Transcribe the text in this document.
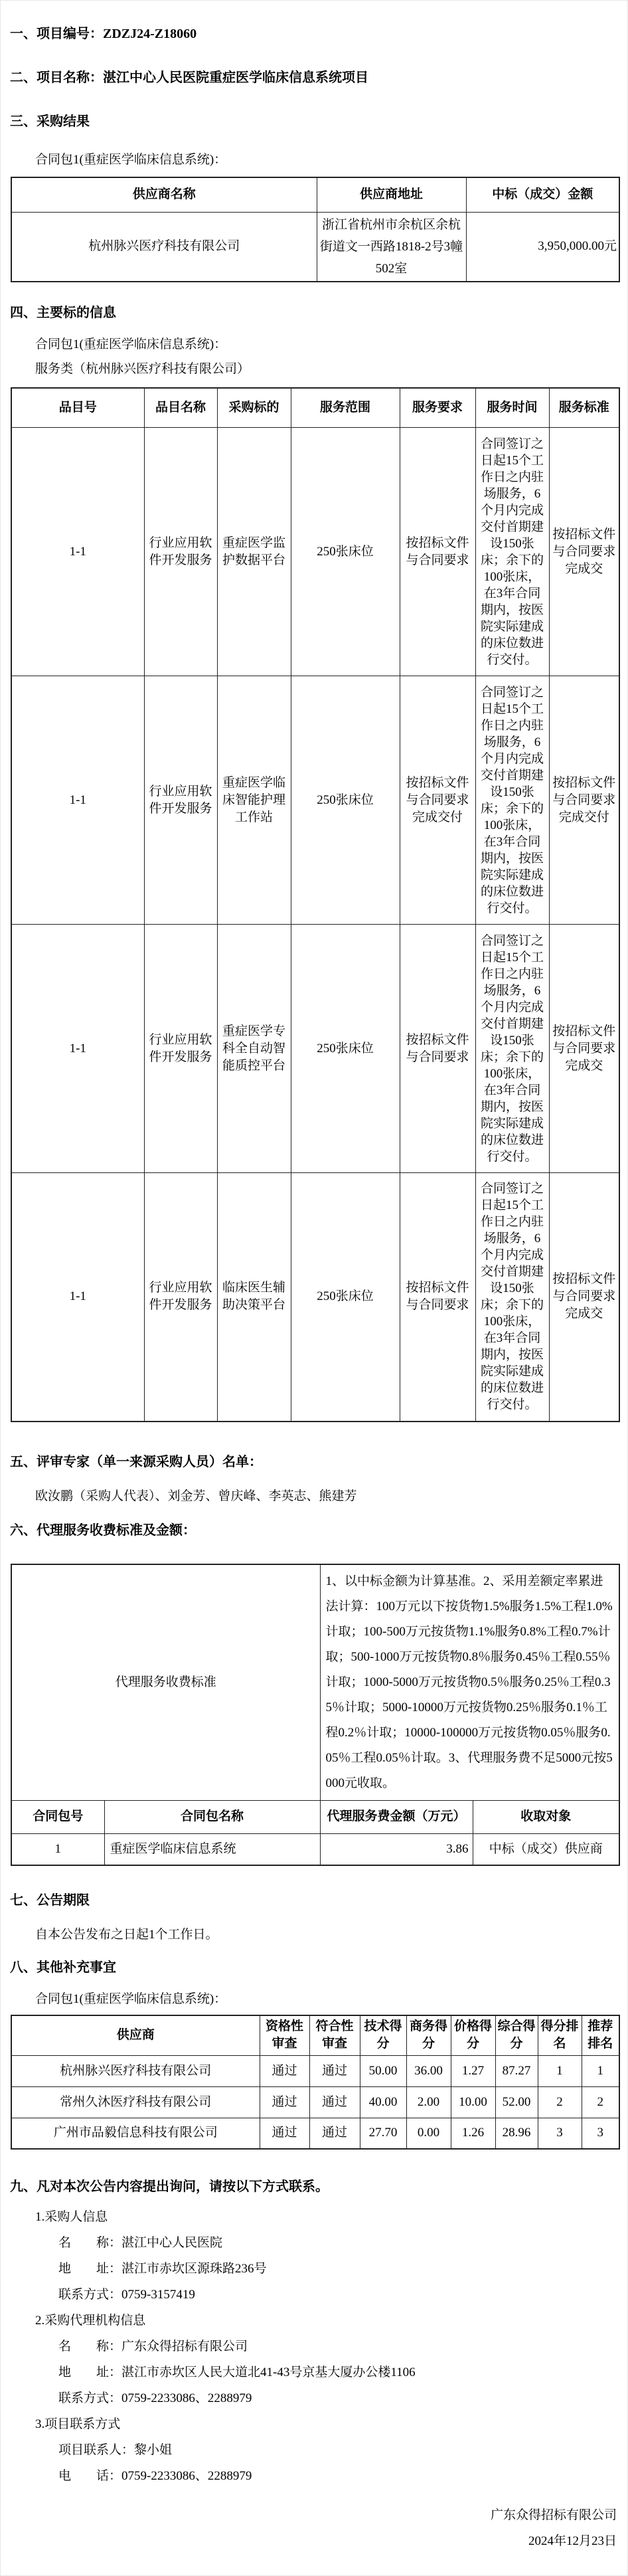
一、项目编号：ZDZJ24-Z18060
二、项目名称：湛江中心人民医院重症医学临床信息系统项目
三、采购结果
合同包1(重症医学临床信息系统)：
供应商名称	供应商地址	中标（成交）金额
杭州脉兴医疗科技有限公司	浙江省杭州市余杭区余杭街道文一西路1818-2号3幢502室	3,950,000.00元
四、主要标的信息
合同包1(重症医学临床信息系统)：
服务类（杭州脉兴医疗科技有限公司）
品目号	品目名称	采购标的	服务范围	服务要求	服务时间	服务标准
1-1	行业应用软件开发服务	重症医学监护数据平台	250张床位	按招标文件与合同要求	合同签订之日起15个工作日之内驻场服务，6个月内完成交付首期建设150张床；余下的100张床，在3年合同期内，按医院实际建成的床位数进行交付。	按招标文件与合同要求完成交
1-1	行业应用软件开发服务	重症医学临床智能护理工作站	250张床位	按招标文件与合同要求完成交付	合同签订之日起15个工作日之内驻场服务，6个月内完成交付首期建设150张床；余下的100张床，在3年合同期内，按医院实际建成的床位数进行交付。	按招标文件与合同要求完成交付
1-1	行业应用软件开发服务	重症医学专科全自动智能质控平台	250张床位	按招标文件与合同要求	合同签订之日起15个工作日之内驻场服务，6个月内完成交付首期建设150张床；余下的100张床，在3年合同期内，按医院实际建成的床位数进行交付。	按招标文件与合同要求完成交
1-1	行业应用软件开发服务	临床医生辅助决策平台	250张床位	按招标文件与合同要求	合同签订之日起15个工作日之内驻场服务，6个月内完成交付首期建设150张床；余下的100张床，在3年合同期内，按医院实际建成的床位数进行交付。	按招标文件与合同要求完成交
五、评审专家（单一来源采购人员）名单：
欧汝鹏（采购人代表）、刘金芳、曾庆峰、李英志、熊建芳
六、代理服务收费标准及金额：
代理服务收费标准		1、以中标金额为计算基准。2、采用差额定率累进法计算：100万元以下按货物1.5%服务1.5%工程1.0%计取；100-500万元按货物1.1%服务0.8%工程0.7%计取；500-1000万元按货物0.8％服务0.45％工程0.55％计取；1000-5000万元按货物0.5％服务0.25％工程0.35％计取；5000-10000万元按货物0.25％服务0.1％工程0.2％计取；10000-100000万元按货物0.05％服务0.05％工程0.05％计取。3、代理服务费不足5000元按5000元收取。	
合同包号	合同包名称	代理服务费金额（万元）	收取对象
1	重症医学临床信息系统	3.86	中标（成交）供应商
七、公告期限
自本公告发布之日起1个工作日。
八、其他补充事宜
合同包1(重症医学临床信息系统)：
供应商	资格性审查	符合性审查	技术得分	商务得分	价格得分	综合得分	得分排名	推荐排名
杭州脉兴医疗科技有限公司	通过	通过	50.00	36.00	1.27	87.27	1	1
常州久沐医疗科技有限公司	通过	通过	40.00	2.00	10.00	52.00	2	2
广州市品毅信息科技有限公司	通过	通过	27.70	0.00	1.26	28.96	3	3
九、凡对本次公告内容提出询问，请按以下方式联系。
1.采购人信息
名　　称：湛江中心人民医院
地　　址：湛江市赤坎区源珠路236号
联系方式：0759-3157419
2.采购代理机构信息
名　　称：广东众得招标有限公司
地　　址：湛江市赤坎区人民大道北41-43号京基大厦办公楼1106
联系方式：0759-2233086、2288979
3.项目联系方式
项目联系人：黎小姐
电　　话：0759-2233086、2288979
广东众得招标有限公司
2024年12月23日
